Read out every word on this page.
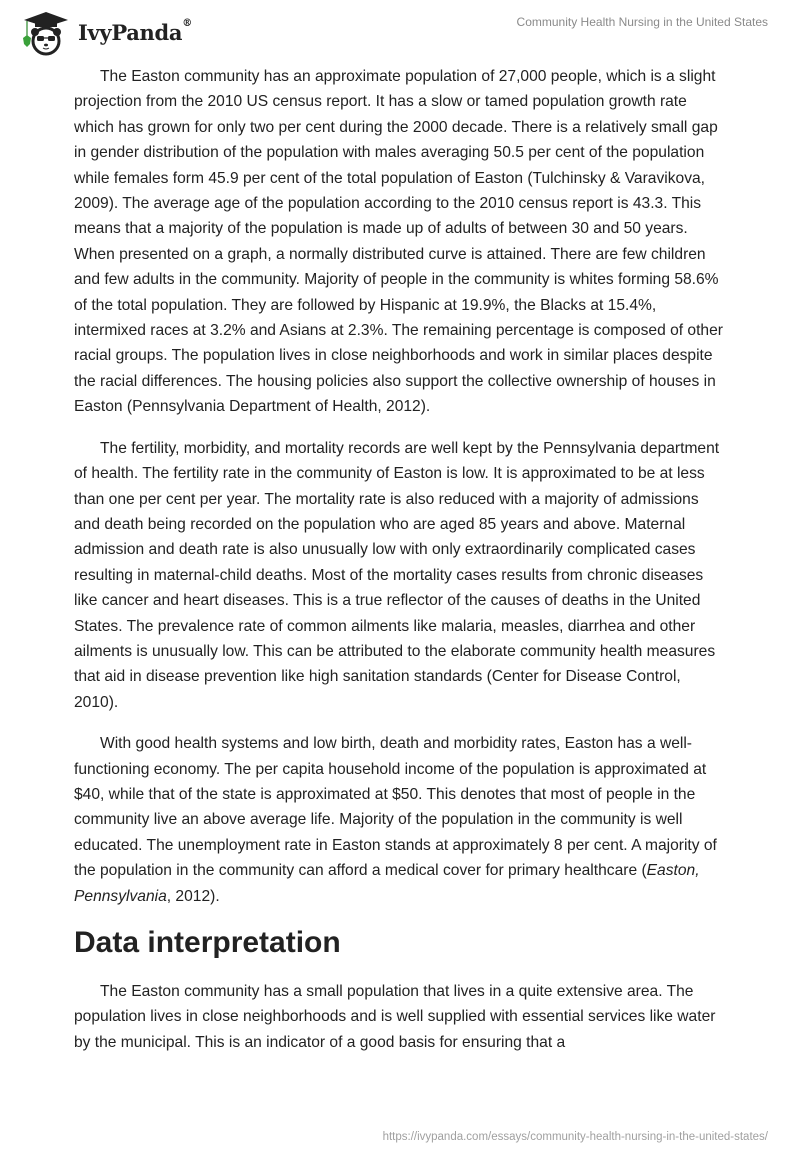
IvyPanda®	Community Health Nursing in the United States

The Easton community has an approximate population of 27,000 people, which is a slight projection from the 2010 US census report. It has a slow or tamed population growth rate which has grown for only two per cent during the 2000 decade. There is a relatively small gap in gender distribution of the population with males averaging 50.5 per cent of the population while females form 45.9 per cent of the total population of Easton (Tulchinsky & Varavikova, 2009). The average age of the population according to the 2010 census report is 43.3. This means that a majority of the population is made up of adults of between 30 and 50 years. When presented on a graph, a normally distributed curve is attained. There are few children and few adults in the community. Majority of people in the community is whites forming 58.6% of the total population. They are followed by Hispanic at 19.9%, the Blacks at 15.4%, intermixed races at 3.2% and Asians at 2.3%. The remaining percentage is composed of other racial groups. The population lives in close neighborhoods and work in similar places despite the racial differences. The housing policies also support the collective ownership of houses in Easton (Pennsylvania Department of Health, 2012).

The fertility, morbidity, and mortality records are well kept by the Pennsylvania department of health. The fertility rate in the community of Easton is low. It is approximated to be at less than one per cent per year. The mortality rate is also reduced with a majority of admissions and death being recorded on the population who are aged 85 years and above. Maternal admission and death rate is also unusually low with only extraordinarily complicated cases resulting in maternal-child deaths. Most of the mortality cases results from chronic diseases like cancer and heart diseases. This is a true reflector of the causes of deaths in the United States. The prevalence rate of common ailments like malaria, measles, diarrhea and other ailments is unusually low. This can be attributed to the elaborate community health measures that aid in disease prevention like high sanitation standards (Center for Disease Control, 2010).

With good health systems and low birth, death and morbidity rates, Easton has a well-functioning economy. The per capita household income of the population is approximated at $40, while that of the state is approximated at $50. This denotes that most of people in the community live an above average life. Majority of the population in the community is well educated. The unemployment rate in Easton stands at approximately 8 per cent. A majority of the population in the community can afford a medical cover for primary healthcare (Easton, Pennsylvania, 2012).

Data interpretation

The Easton community has a small population that lives in a quite extensive area. The population lives in close neighborhoods and is well supplied with essential services like water by the municipal. This is an indicator of a good basis for ensuring that a

https://ivypanda.com/essays/community-health-nursing-in-the-united-states/
